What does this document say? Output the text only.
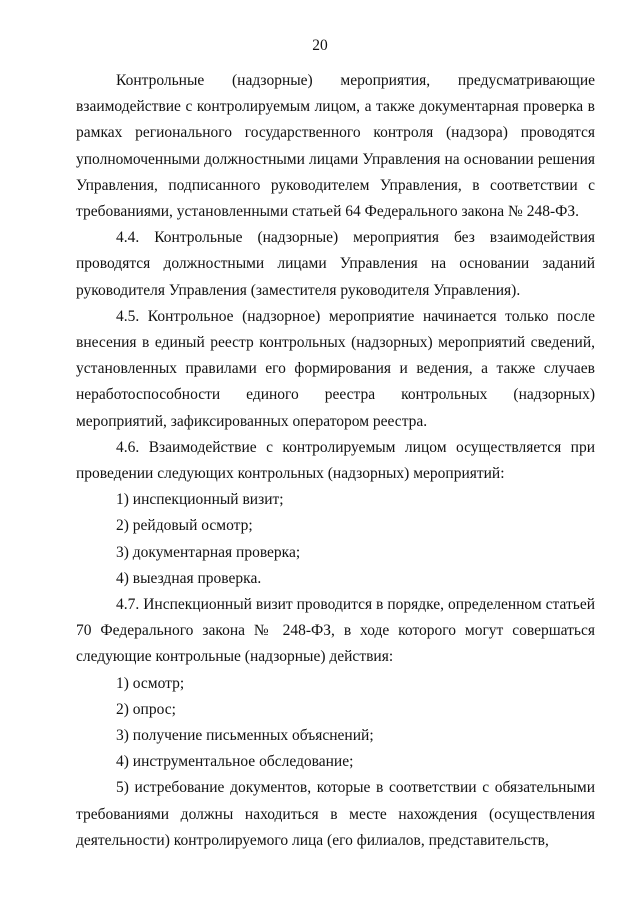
20

Контрольные (надзорные) мероприятия, предусматривающие взаимодействие с контролируемым лицом, а также документарная проверка в рамках регионального государственного контроля (надзора) проводятся уполномоченными должностными лицами Управления на основании решения Управления, подписанного руководителем Управления, в соответствии с требованиями, установленными статьей 64 Федерального закона № 248-ФЗ.

4.4. Контрольные (надзорные) мероприятия без взаимодействия проводятся должностными лицами Управления на основании заданий руководителя Управления (заместителя руководителя Управления).

4.5. Контрольное (надзорное) мероприятие начинается только после внесения в единый реестр контрольных (надзорных) мероприятий сведений, установленных правилами его формирования и ведения, а также случаев неработоспособности единого реестра контрольных (надзорных) мероприятий, зафиксированных оператором реестра.

4.6. Взаимодействие с контролируемым лицом осуществляется при проведении следующих контрольных (надзорных) мероприятий:

1) инспекционный визит;

2) рейдовый осмотр;

3) документарная проверка;

4) выездная проверка.

4.7. Инспекционный визит проводится в порядке, определенном статьей 70 Федерального закона № 248-ФЗ, в ходе которого могут совершаться следующие контрольные (надзорные) действия:

1) осмотр;

2) опрос;

3) получение письменных объяснений;

4) инструментальное обследование;

5) истребование документов, которые в соответствии с обязательными требованиями должны находиться в месте нахождения (осуществления деятельности) контролируемого лица (его филиалов, представительств,
